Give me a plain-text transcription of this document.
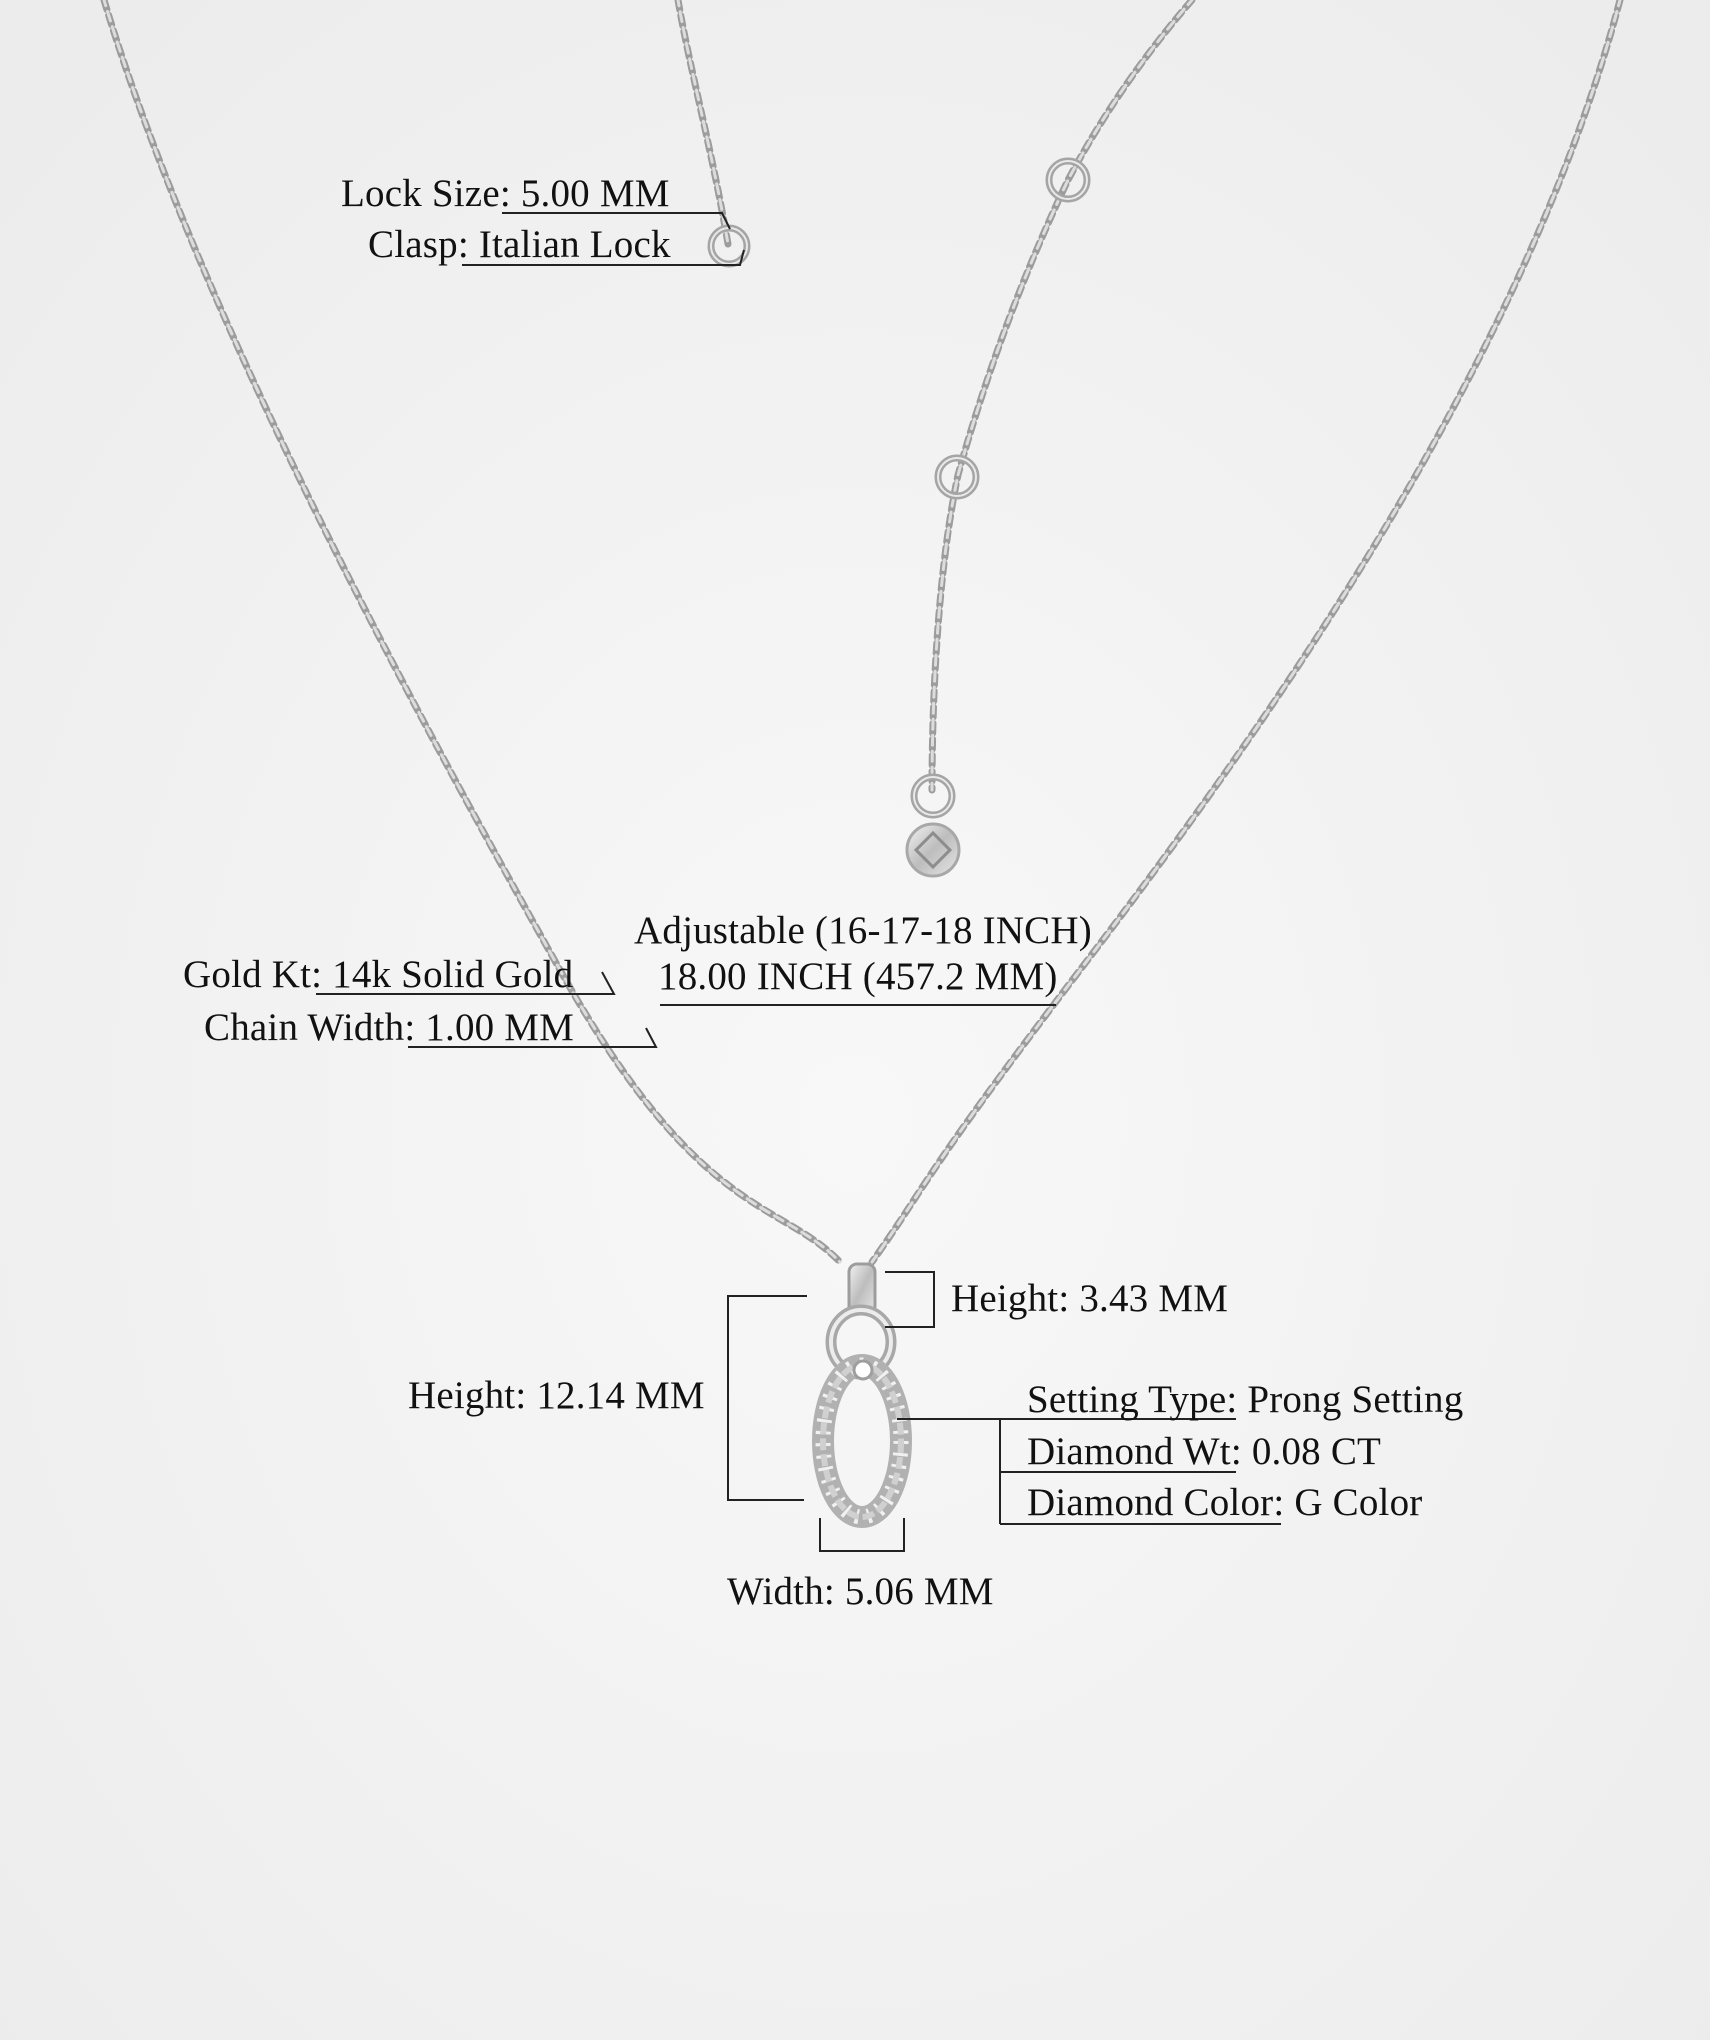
Lock Size: 5.00 MM
Clasp: Italian Lock
Adjustable (16-17-18 INCH)
18.00 INCH (457.2 MM)
Gold Kt: 14k Solid Gold
Chain Width: 1.00 MM
Height: 3.43 MM
Height: 12.14 MM
Width: 5.06 MM
Setting Type: Prong Setting
Diamond Wt: 0.08 CT
Diamond Color: G Color
